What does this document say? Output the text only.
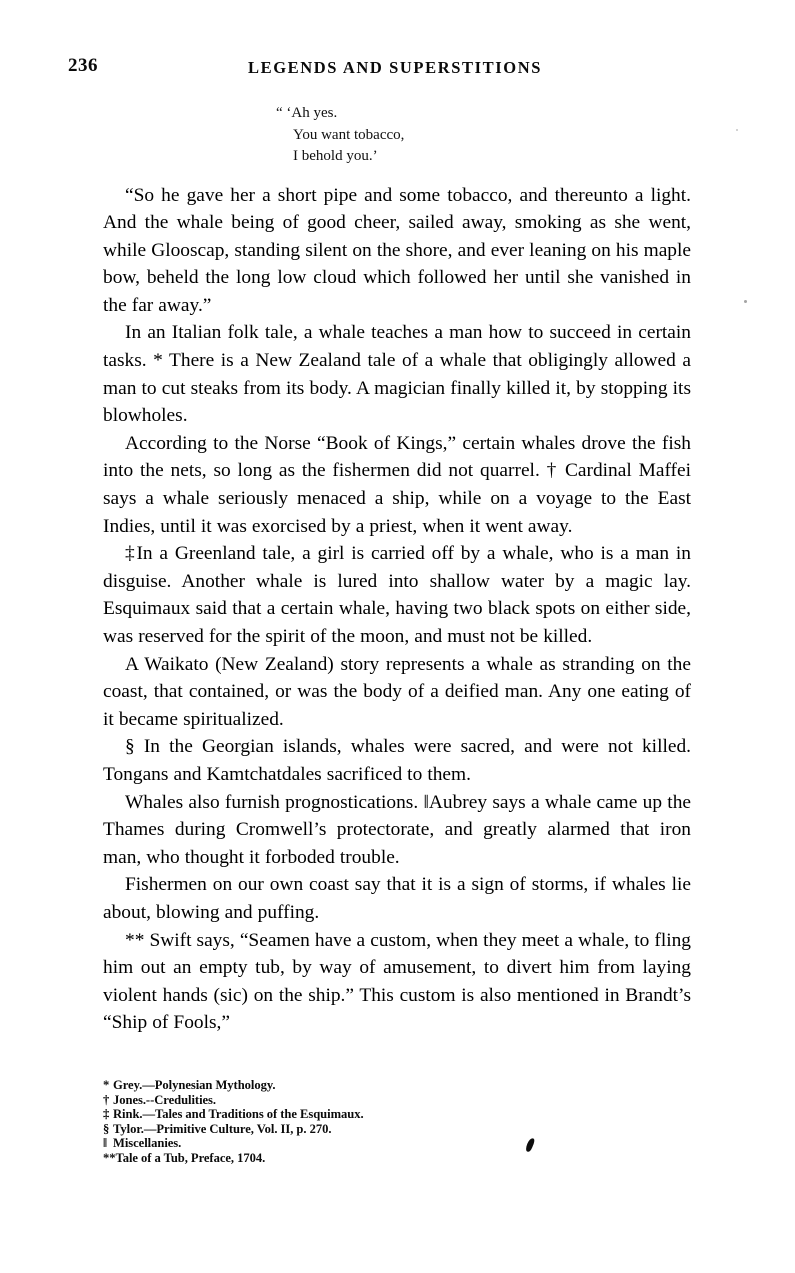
236	LEGENDS AND SUPERSTITIONS
“ ‘Ah yes.
You want tobacco,
I behold you.’

“So he gave her a short pipe and some tobacco, and thereunto a light. And the whale being of good cheer, sailed away, smoking as she went, while Glooscap, standing silent on the shore, and ever leaning on his maple bow, beheld the long low cloud which followed her until she vanished in the far away.”

In an Italian folk tale, a whale teaches a man how to succeed in certain tasks. * There is a New Zealand tale of a whale that obligingly allowed a man to cut steaks from its body. A magician finally killed it, by stopping its blowholes.

According to the Norse “Book of Kings,” certain whales drove the fish into the nets, so long as the fishermen did not quarrel. † Cardinal Maffei says a whale seriously menaced a ship, while on a voyage to the East Indies, until it was exorcised by a priest, when it went away.

‡In a Greenland tale, a girl is carried off by a whale, who is a man in disguise. Another whale is lured into shallow water by a magic lay. Esquimaux said that a certain whale, having two black spots on either side, was reserved for the spirit of the moon, and must not be killed.

A Waikato (New Zealand) story represents a whale as stranding on the coast, that contained, or was the body of a deified man. Any one eating of it became spiritualized.

§ In the Georgian islands, whales were sacred, and were not killed. Tongans and Kamtchatdales sacrificed to them.

Whales also furnish prognostications. ‖Aubrey says a whale came up the Thames during Cromwell’s protectorate, and greatly alarmed that iron man, who thought it forboded trouble.

Fishermen on our own coast say that it is a sign of storms, if whales lie about, blowing and puffing.

** Swift says, “Seamen have a custom, when they meet a whale, to fling him out an empty tub, by way of amusement, to divert him from laying violent hands (sic) on the ship.” This custom is also mentioned in Brandt’s “Ship of Fools,”

* Grey.—Polynesian Mythology.
† Jones.--Credulities.
‡ Rink.—Tales and Traditions of the Esquimaux.
§ Tylor.—Primitive Culture, Vol. II, p. 270.
‖ Miscellanies.
**Tale of a Tub, Preface, 1704.
